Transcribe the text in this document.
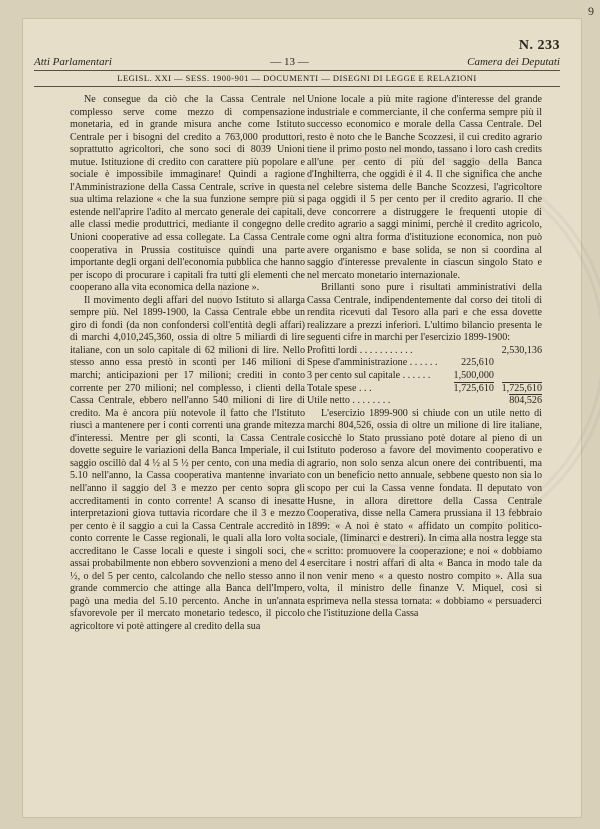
N. 233
Atti Parlamentari	— 13 —	Camera dei Deputati
LEGISL. XXI — SESS. 1900-901 — DOCUMENTI — DISEGNI DI LEGGE E RELAZIONI

Ne consegue da ciò che la Cassa Centrale nel complesso serve come mezzo di compensazione monetaria, ed in grande misura anche come Istituto Centrale per i bisogni del credito a 763,000 produttori, soprattutto agricoltori, che sono soci di 8039 Unioni mutue. Istituzione di credito con carattere più popolare e sociale è impossibile immaginare! Quindi a ragione l'Amministrazione della Cassa Centrale, scrive in questa sua ultima relazione « che la sua funzione sempre più si estende nell'aprire l'adito al mercato generale dei capitali, alle classi medie produttrici, mediante il congegno delle Unioni cooperative ad essa collegate. La Cassa Centrale cooperativa in Prussia costituisce quindi una parte importante degli organi dell'economia pubblica che hanno per iscopo di procurare i capitali fra tutti gli elementi che cooperano alla vita economica della nazione ».

Il movimento degli affari del nuovo Istituto si allarga sempre più. Nel 1899-1900, la Cassa Centrale ebbe un giro di fondi (da non confondersi coll'entità degli affari) di marchi 4,010,245,360, ossia di oltre 5 miliardi di lire italiane, con un solo capitale di 62 milioni di lire. Nello stesso anno essa prestò in sconti per 146 milioni di marchi; anticipazioni per 17 milioni; crediti in conto corrente per 270 milioni; nel complesso, i clienti della Cassa Centrale, ebbero nell'anno 540 milioni di lire di credito. Ma è ancora più notevole il fatto che l'Istituto riuscì a mantenere per i conti correnti una grande mitezza d'interessi. Mentre per gli sconti, la Cassa Centrale dovette seguire le variazioni della Banca Imperiale, il cui saggio oscillò dal 4 ½ al 5 ½ per cento, con una media di 5.10 nell'anno, la Cassa cooperativa mantenne invariato nell'anno il saggio del 3 e mezzo per cento sopra gli accreditamenti in conto corrente! A scanso di inesatte interpretazioni giova tuttavia ricordare che il 3 e mezzo per cento è il saggio a cui la Cassa Centrale accreditò in conto corrente le Casse regionali, le quali alla loro volta accreditano le Casse locali e queste i singoli soci, che assai probabilmente non ebbero sovvenzioni a meno del 4 ½, o del 5 per cento, calcolando che nello stesso anno il grande commercio che attinge alla Banca dell'Impero, pagò una media del 5.10 percento. Anche in un'annata sfavorevole per il mercato monetario tedesco, il piccolo agricoltore vi potè attingere al credito della sua

Unione locale a più mite ragione d'interesse del grande industriale e commerciante, il che conferma sempre più il successo economico e morale della Cassa Centrale. Del resto è noto che le Banche Scozzesi, il cui credito agrario tiene il primo posto nel mondo, tassano i loro cash credits all'une per cento di più del saggio della Banca d'Inghilterra, che oggidì è il 4. Il che significa che anche nel celebre sistema delle Banche Scozzesi, l'agricoltore paga oggidì il 5 per cento per il credito agrario. Il che deve concorrere a distruggere le frequenti utopie di credito agrario a saggi minimi, perchè il credito agricolo, come ogni altra forma d'istituzione economica, non può avere organismo e base solida, se non si coordina al saggio d'interesse prevalente in ciascun singolo Stato e nel mercato monetario internazionale.

Brillanti sono pure i risultati amministrativi della Cassa Centrale, indipendentemente dal corso dei titoli di rendita ricevuti dal Tesoro alla pari e che essa dovette realizzare a prezzi inferiori. L'ultimo bilancio presenta le seguenti cifre in marchi per l'esercizio 1899-1900:

Profitti lordi . . . . . . . . . . .		2,530,136
Spese d'amministrazione . . . . . .	225,610	
3 per cento sul capitale . . . . . .	1,500,000	
Totale spese . . .	1,725,610	1,725,610
Utile netto . . . . . . . .		804,526

L'esercizio 1899-900 si chiude con un utile netto di marchi 804,526, ossia di oltre un milione di lire italiane, cosicchè lo Stato prussiano potè dotare al pieno di un Istituto poderoso a favore del movimento cooperativo e agrario, non solo senza alcun onere dei contribuenti, ma con un beneficio netto annuale, sebbene questo non sia lo scopo per cui la Cassa venne fondata. Il deputato von Husne, in allora direttore della Cassa Centrale Cooperativa, disse nella Camera prussiana il 13 febbraio 1899: « A noi è stato « affidato un compito politico-sociale, (liminarci e destreri). In cima alla nostra legge sta « scritto: promuovere la cooperazione; e noi « dobbiamo esercitare i nostri affari di alta « Banca in modo tale da non venir meno « a questo nostro compito ». Alla sua volta, il ministro delle finanze V. Miquel, così si esprimeva nella stessa tornata: « dobbiamo « persuaderci che l'istituzione della Cassa

9
